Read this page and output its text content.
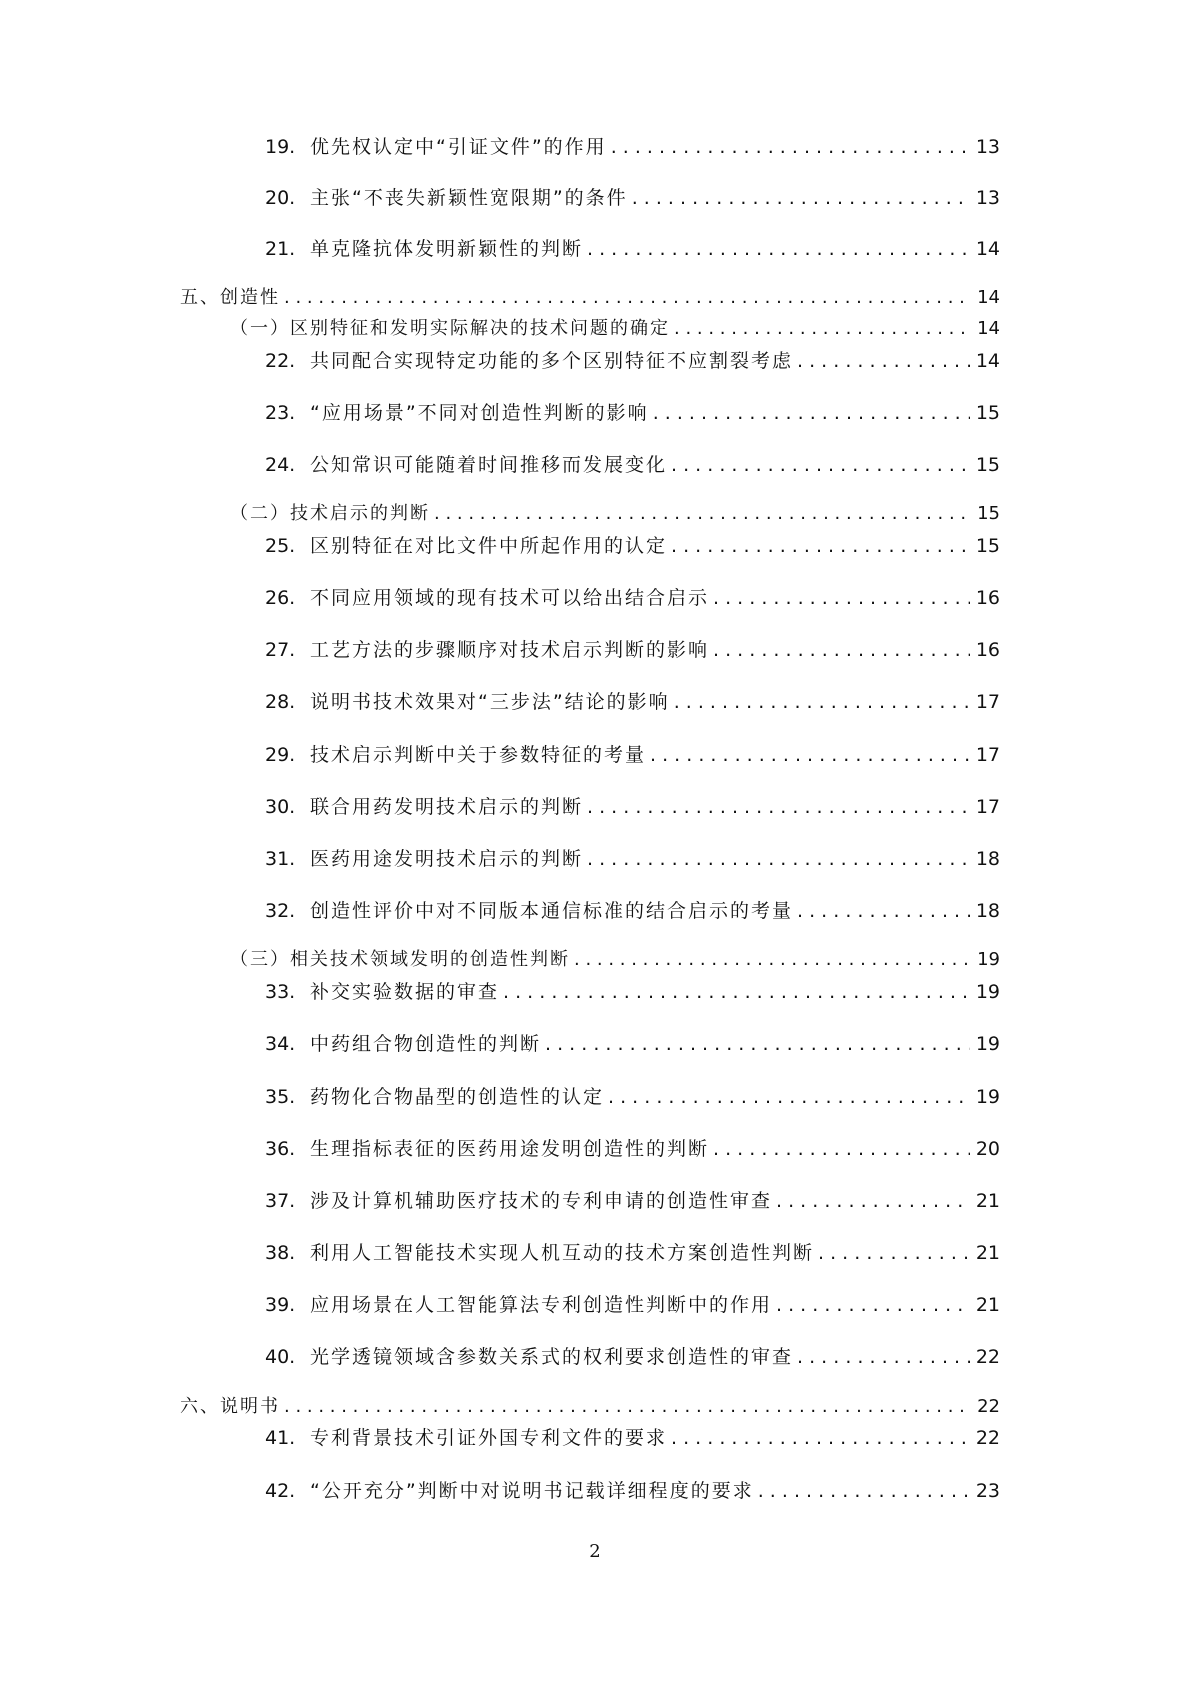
19. 优先权认定中“引证文件”的作用 . . .	13
20. 主张“不丧失新颖性宽限期”的条件 . . .	13
21. 单克隆抗体发明新颖性的判断 . . .	14
五、创造性 . . .	14
（一）区别特征和发明实际解决的技术问题的确定 . . .	14
22. 共同配合实现特定功能的多个区别特征不应割裂考虑 . . .	14
23. “应用场景”不同对创造性判断的影响 . . .	15
24. 公知常识可能随着时间推移而发展变化 . . .	15
（二）技术启示的判断 . . .	15
25. 区别特征在对比文件中所起作用的认定 . . .	15
26. 不同应用领域的现有技术可以给出结合启示 . . .	16
27. 工艺方法的步骤顺序对技术启示判断的影响 . . .	16
28. 说明书技术效果对“三步法”结论的影响 . . .	17
29. 技术启示判断中关于参数特征的考量 . . .	17
30. 联合用药发明技术启示的判断 . . .	17
31. 医药用途发明技术启示的判断 . . .	18
32. 创造性评价中对不同版本通信标准的结合启示的考量 . . .	18
（三）相关技术领域发明的创造性判断 . . .	19
33. 补交实验数据的审查 . . .	19
34. 中药组合物创造性的判断 . . .	19
35. 药物化合物晶型的创造性的认定 . . .	19
36. 生理指标表征的医药用途发明创造性的判断 . . .	20
37. 涉及计算机辅助医疗技术的专利申请的创造性审查 . . .	21
38. 利用人工智能技术实现人机互动的技术方案创造性判断 . . .	21
39. 应用场景在人工智能算法专利创造性判断中的作用 . . .	21
40. 光学透镜领域含参数关系式的权利要求创造性的审查 . . .	22
六、说明书 . . .	22
41. 专利背景技术引证外国专利文件的要求 . . .	22
42. “公开充分”判断中对说明书记载详细程度的要求 . . .	23
2
